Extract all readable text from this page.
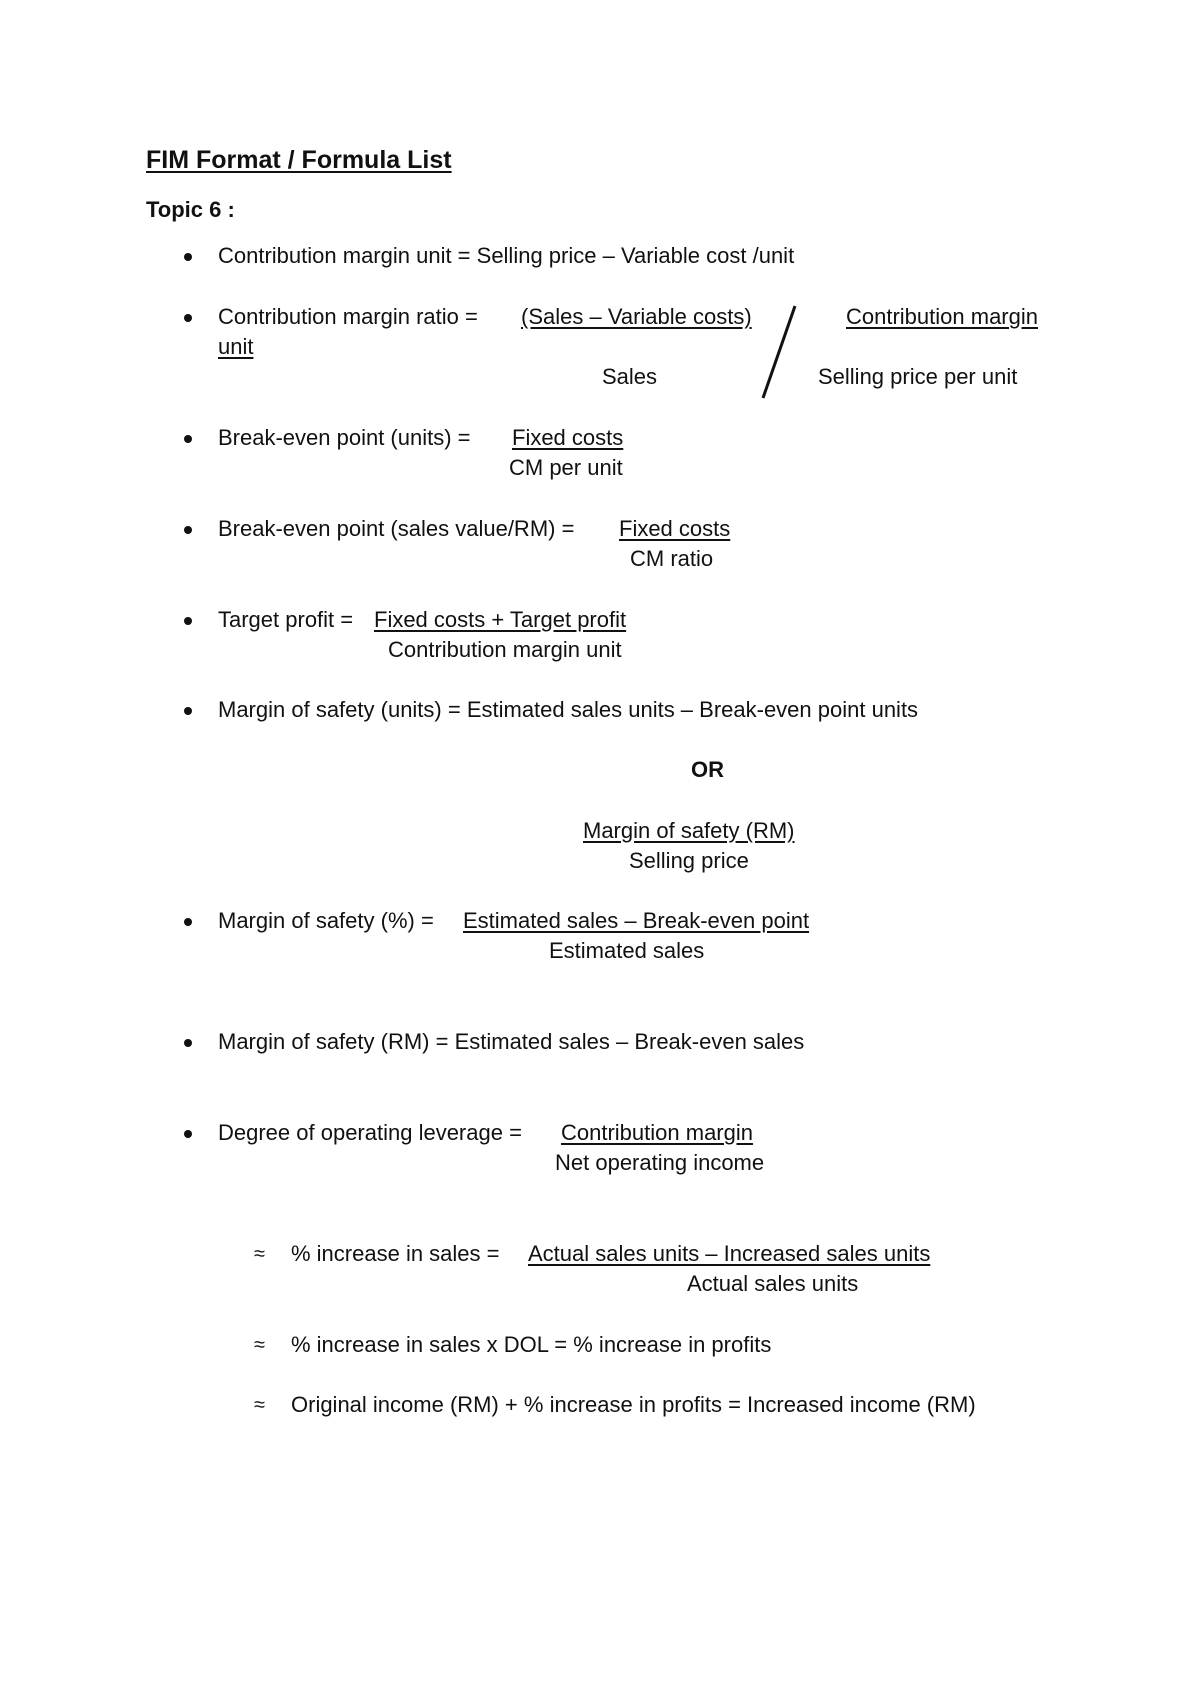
FIM Format / Formula List
Topic 6 :
Contribution margin unit = Selling price – Variable cost /unit
Contribution margin ratio = (Sales – Variable costs)	Contribution margin
unit
Sales	Selling price per unit
Break-even point (units) = Fixed costs
CM per unit
Break-even point (sales value/RM) = Fixed costs
CM ratio
Target profit = Fixed costs + Target profit
Contribution margin unit
Margin of safety (units) = Estimated sales units – Break-even point units
OR
Margin of safety (RM)
Selling price
Margin of safety (%) = Estimated sales – Break-even point
Estimated sales
Margin of safety (RM) = Estimated sales – Break-even sales
Degree of operating leverage = Contribution margin
Net operating income
≈ % increase in sales = Actual sales units – Increased sales units
Actual sales units
≈ % increase in sales x DOL = % increase in profits
≈ Original income (RM) + % increase in profits = Increased income (RM)
